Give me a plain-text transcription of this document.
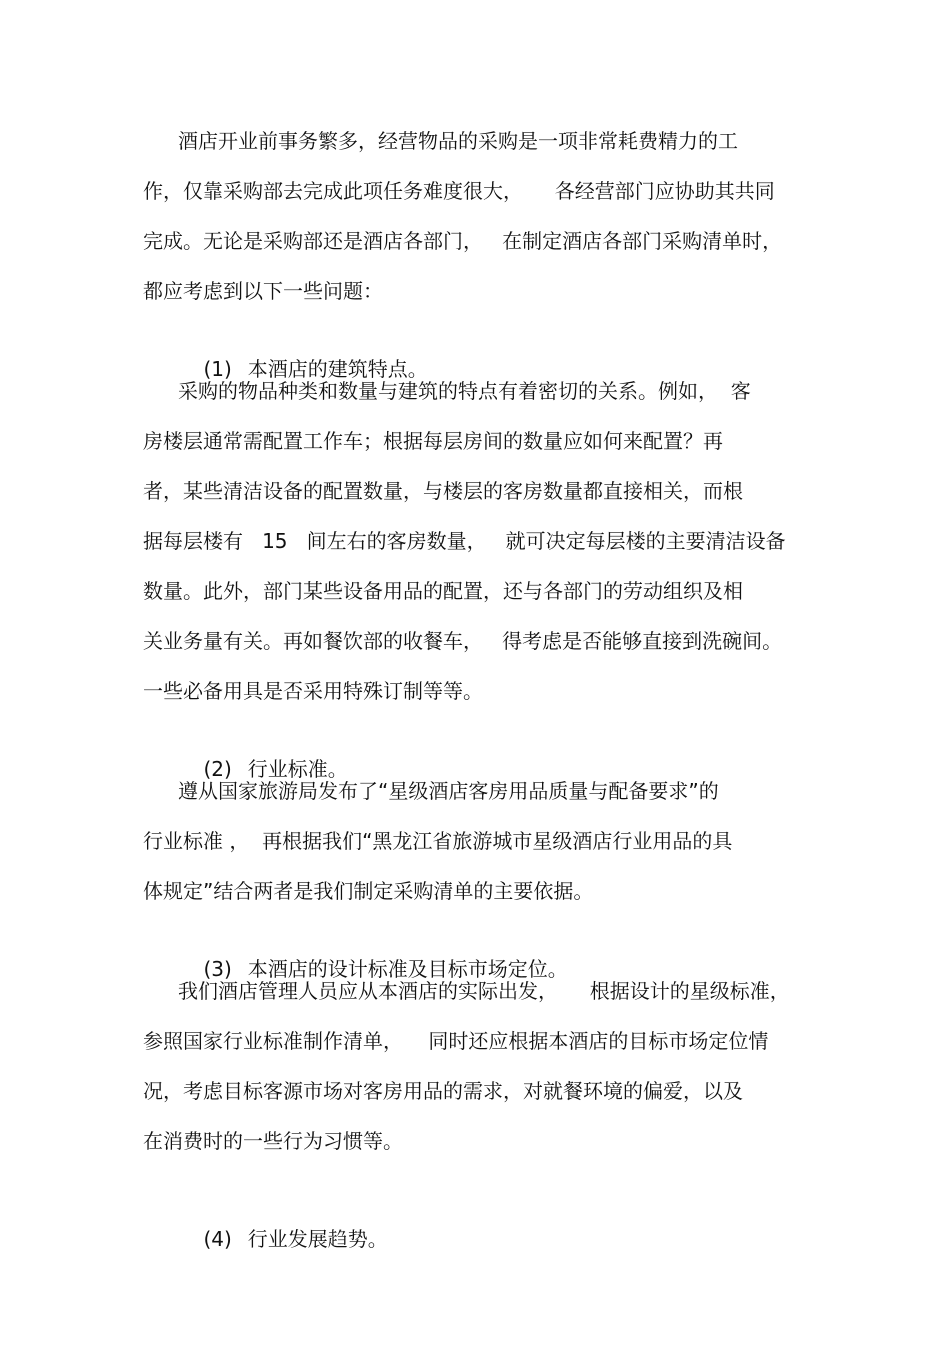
酒店开业前事务繁多，经营物品的采购是一项非常耗费精力的工
作，仅靠采购部去完成此项任务难度很大，     各经营部门应协助其共同
完成。无论是采购部还是酒店各部门，   在制定酒店各部门采购清单时，
都应考虑到以下一些问题：

(1) 本酒店的建筑特点。

采购的物品种类和数量与建筑的特点有着密切的关系。例如，  客
房楼层通常需配置工作车；根据每层房间的数量应如何来配置？再
者，某些清洁设备的配置数量，与楼层的客房数量都直接相关，而根
据每层楼有   15   间左右的客房数量，   就可决定每层楼的主要清洁设备
数量。此外，部门某些设备用品的配置，还与各部门的劳动组织及相
关业务量有关。再如餐饮部的收餐车，   得考虑是否能够直接到洗碗间。
一些必备用具是否采用特殊订制等等。

(2) 行业标准。

遵从国家旅游局发布了“星级酒店客房用品质量与配备要求”的
行业标准 ，  再根据我们“黑龙江省旅游城市星级酒店行业用品的具
体规定”结合两者是我们制定采购清单的主要依据。

(3) 本酒店的设计标准及目标市场定位。

我们酒店管理人员应从本酒店的实际出发，     根据设计的星级标准，
参照国家行业标准制作清单，    同时还应根据本酒店的目标市场定位情
况，考虑目标客源市场对客房用品的需求，对就餐环境的偏爱，以及
在消费时的一些行为习惯等。

(4) 行业发展趋势。
